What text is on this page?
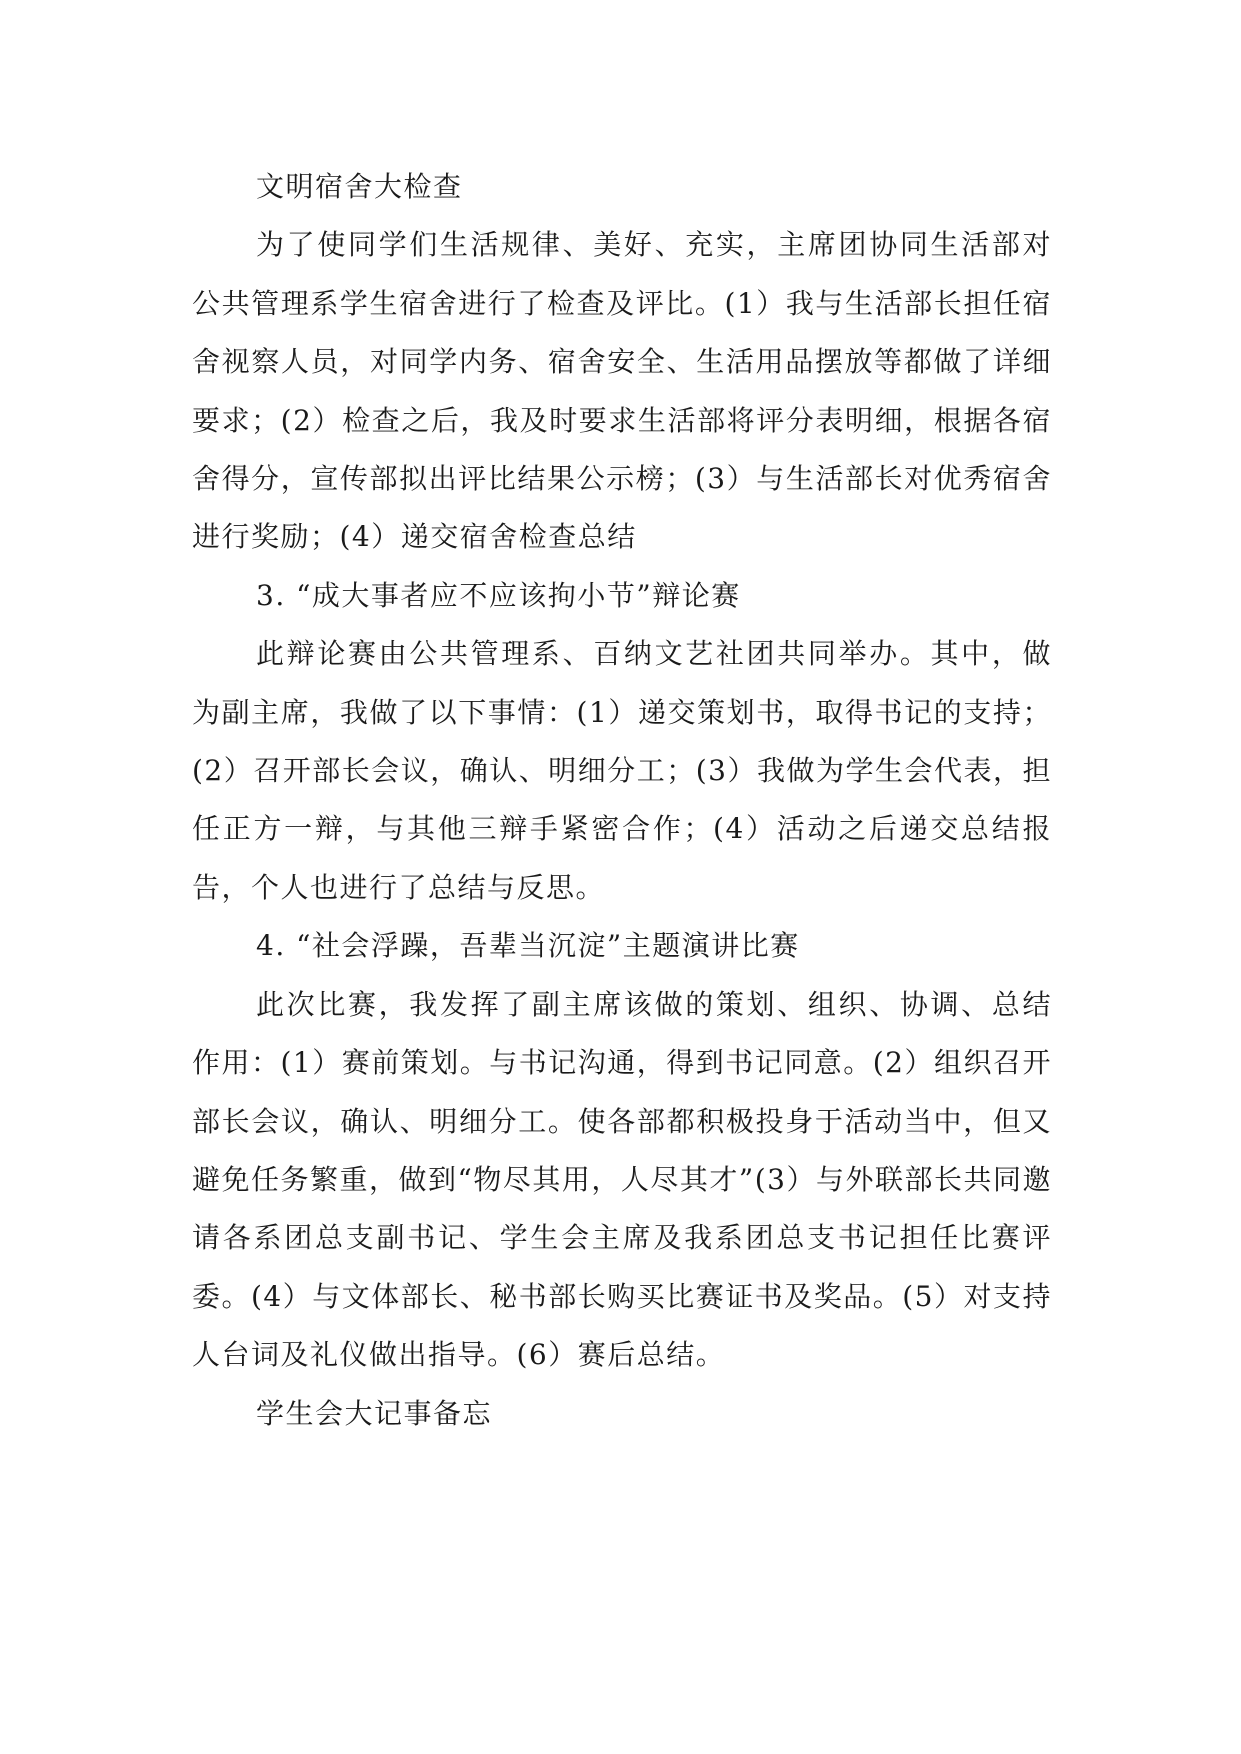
文明宿舍大检查

为了使同学们生活规律、美好、充实，主席团协同生活部对公共管理系学生宿舍进行了检查及评比。(1）我与生活部长担任宿舍视察人员，对同学内务、宿舍安全、生活用品摆放等都做了详细要求；(2）检查之后，我及时要求生活部将评分表明细，根据各宿舍得分，宣传部拟出评比结果公示榜；(3）与生活部长对优秀宿舍进行奖励；(4）递交宿舍检查总结

3. “成大事者应不应该拘小节”辩论赛

此辩论赛由公共管理系、百纳文艺社团共同举办。其中，做为副主席，我做了以下事情：(1）递交策划书，取得书记的支持；(2）召开部长会议，确认、明细分工；(3）我做为学生会代表，担任正方一辩，与其他三辩手紧密合作；(4）活动之后递交总结报告，个人也进行了总结与反思。

4. “社会浮躁，吾辈当沉淀”主题演讲比赛

此次比赛，我发挥了副主席该做的策划、组织、协调、总结作用：(1）赛前策划。与书记沟通，得到书记同意。(2）组织召开部长会议，确认、明细分工。使各部都积极投身于活动当中，但又避免任务繁重，做到“物尽其用，人尽其才”(3）与外联部长共同邀请各系团总支副书记、学生会主席及我系团总支书记担任比赛评委。(4）与文体部长、秘书部长购买比赛证书及奖品。(5）对支持人台词及礼仪做出指导。(6）赛后总结。

学生会大记事备忘
